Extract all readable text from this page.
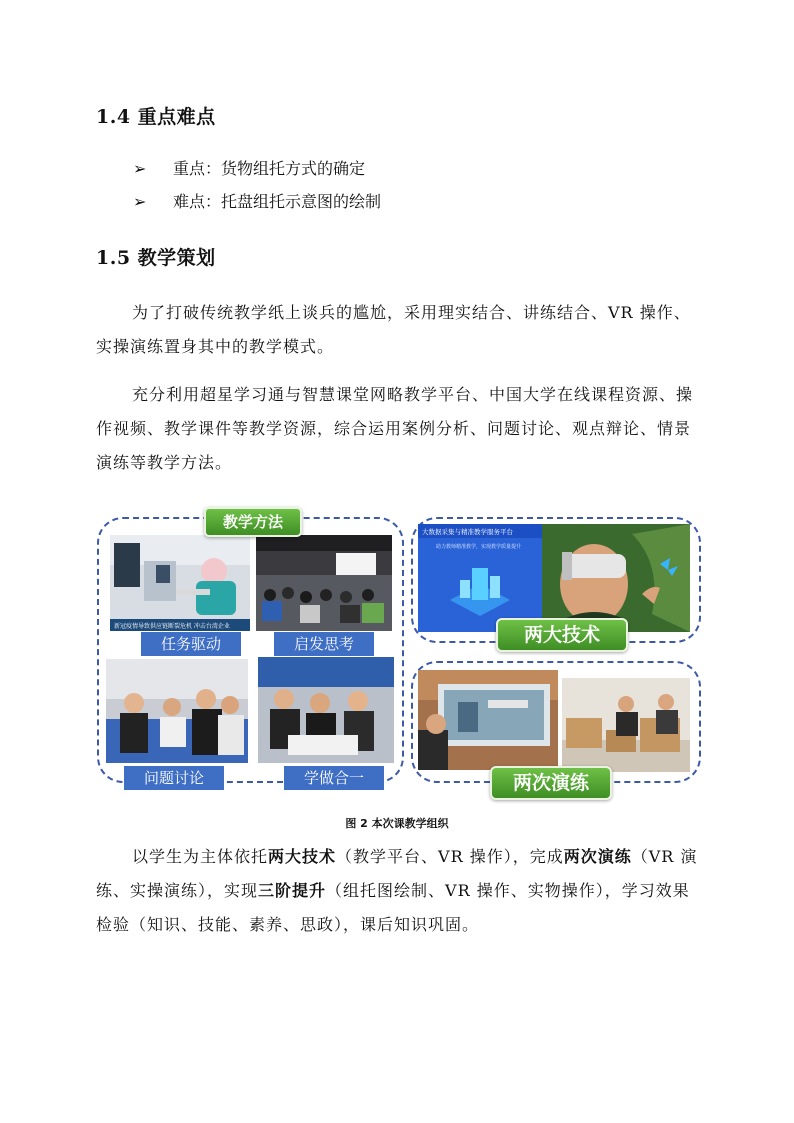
1.4 重点难点
➢ 重点：货物组托方式的确定
➢ 难点：托盘组托示意图的绘制
1.5 教学策划
为了打破传统教学纸上谈兵的尴尬，采用理实结合、讲练结合、VR 操作、实操演练置身其中的教学模式。
充分利用超星学习通与智慧课堂网略教学平台、中国大学在线课程资源、操作视频、教学课件等教学资源，综合运用案例分析、问题讨论、观点辩论、情景演练等教学方法。
新冠疫情导致供应链断裂危机 冲击台湾企业
任务驱动	启发思考
问题讨论	学做合一
教学方法
大数据采集与精准教学服务平台
助力教师精准教学，实现教学质量提升
两大技术
两次演练
图 2 本次课教学组织
以学生为主体依托两大技术（教学平台、VR 操作），完成两次演练（VR 演练、实操演练），实现三阶提升（组托图绘制、VR 操作、实物操作），学习效果检验（知识、技能、素养、思政），课后知识巩固。
